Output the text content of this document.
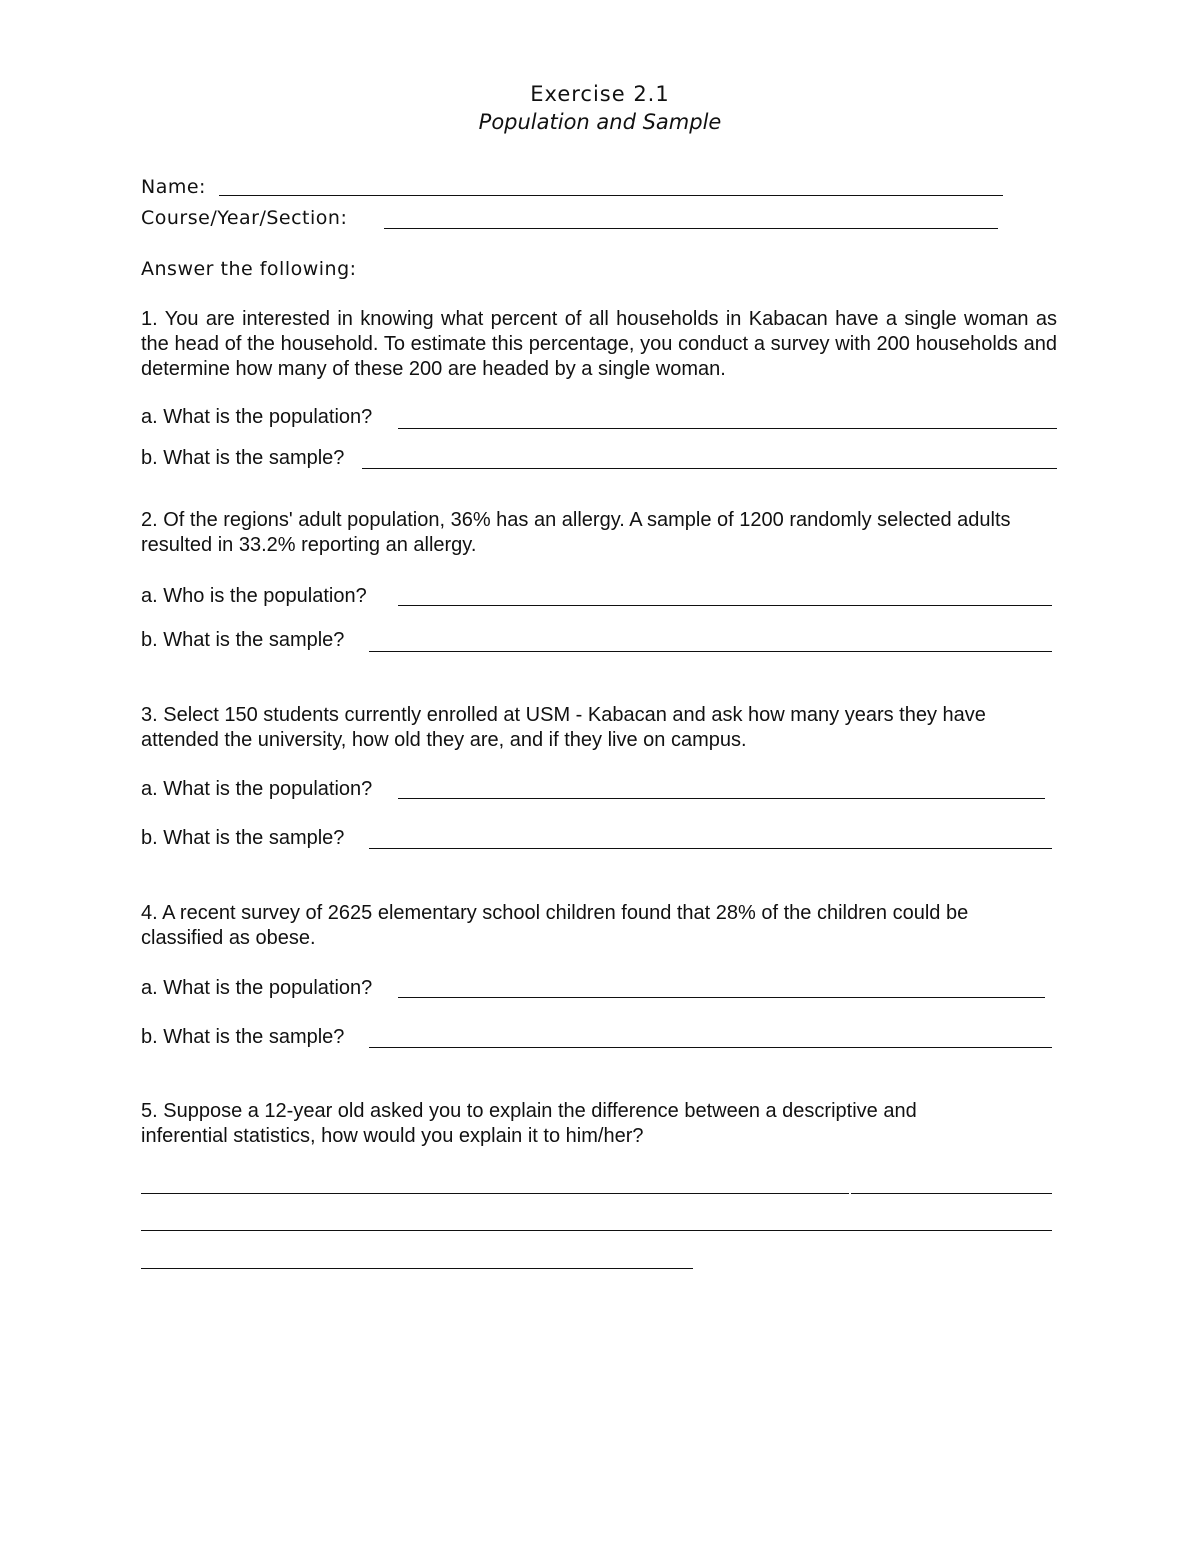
Exercise 2.1
Population and Sample
Name:
Course/Year/Section:
Answer the following:
1. You are interested in knowing what percent of all households in Kabacan have a single woman as the head of the household. To estimate this percentage, you conduct a survey with 200 households and determine how many of these 200 are headed by a single woman.
a. What is the population?
b. What is the sample?
2. Of the regions' adult population, 36% has an allergy. A sample of 1200 randomly selected adults resulted in 33.2% reporting an allergy.
a. Who is the population?
b. What is the sample?
3. Select 150 students currently enrolled at USM - Kabacan and ask how many years they have attended the university, how old they are, and if they live on campus.
a. What is the population?
b. What is the sample?
4. A recent survey of 2625 elementary school children found that 28% of the children could be classified as obese.
a. What is the population?
b. What is the sample?
5. Suppose a 12-year old asked you to explain the difference between a descriptive and inferential statistics, how would you explain it to him/her?
